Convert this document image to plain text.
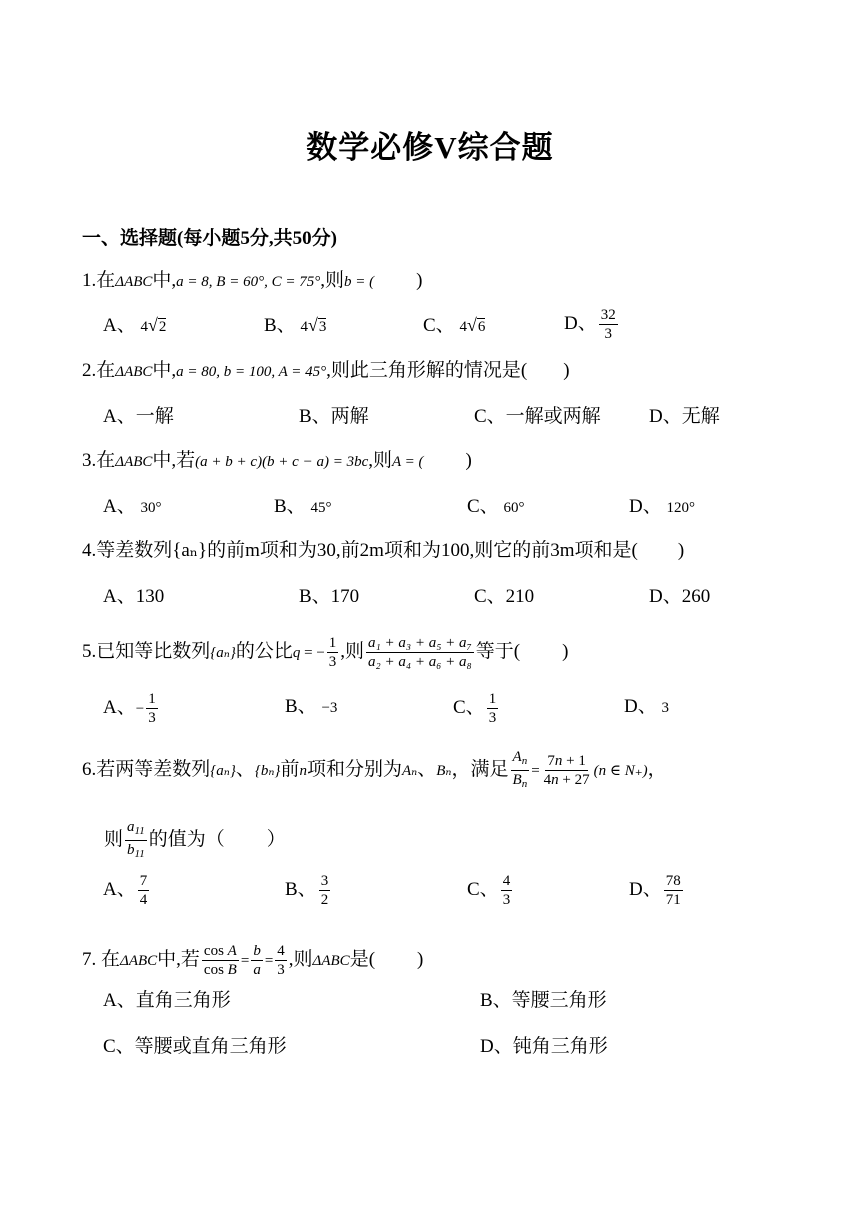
数学必修V综合题
一、选择题(每小题5分,共50分)
1.在ΔABC中,a = 8, B = 60°, C = 75°,则b = ( )
A、 4√2	B、 4√3	C、 4√6	D、 $\frac{32}{3}$
2.在ΔABC中,a = 80, b = 100, A = 45°,则此三角形解的情况是( )
A、一解	B、两解	C、一解或两解	D、无解
3.在ΔABC中,若(a + b + c)(b + c − a) = 3bc,则A = ( )
A、 30°	B、 45°	C、 60°	D、 120°
4.等差数列{aₙ}的前m项和为30,前2m项和为100,则它的前3m项和是( )
A、130	B、170	C、210	D、260
5.已知等比数列{aₙ}的公比q = − $\frac{1}{3}$ ,则 $\frac{\text{a₁ + a₃ + a₅ + a₇}}{\text{a₂ + a₄ + a₆ + a₈}}$ 等于( )
A、− $\frac{1}{3}$	B、 −3	C、 $\frac{1}{3}$	D、 3
6.若两等差数列{aₙ}、{bₙ}前n项和分别为Aₙ、Bₙ，满足 $\frac{A_n}{B_n} = \frac{7n + 1}{4n + 27} (n$ ∈ N₊)，
则 $\frac{a_{11}}{b_{11}}$ 的值为（ ）
A、 $\frac{7}{4}$	B、 $\frac{3}{2}$	C、 $\frac{4}{3}$	D、 $\frac{78}{71}$
7. 在ΔABC中,若 $\frac{\text{cos A}}{\text{cos B}} = \frac{b}{a} = \frac{4}{3}$ ,则ΔABC是( )
A、直角三角形	B、等腰三角形
C、等腰或直角三角形	D、钝角三角形
